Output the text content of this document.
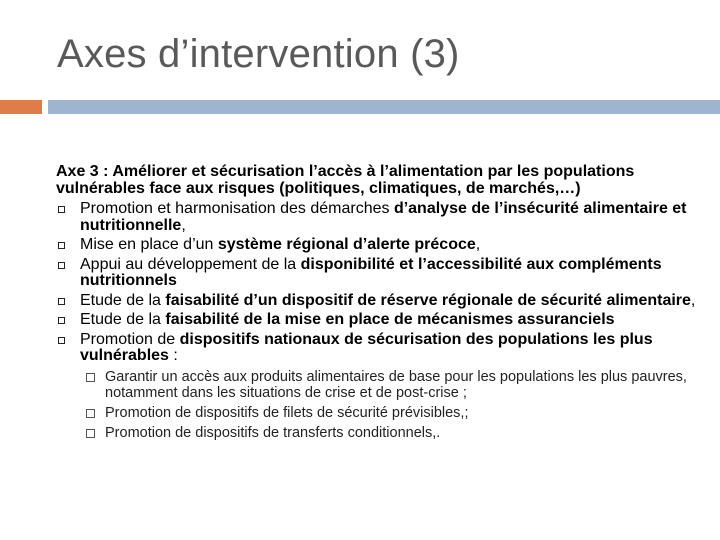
Axes d’intervention (3)

Axe 3 : Améliorer et sécurisation l’accès à l’alimentation par les populations vulnérables face aux risques (politiques, climatiques, de marchés,…)

Promotion et harmonisation des démarches d’analyse de l’insécurité alimentaire et nutritionnelle,

Mise en place d’un système régional d’alerte précoce,

Appui au développement de la disponibilité et l’accessibilité aux compléments nutritionnels

Etude de la faisabilité d’un dispositif de réserve régionale de sécurité alimentaire,

Etude de la faisabilité de la mise en place de mécanismes assuranciels

Promotion de dispositifs nationaux de sécurisation des populations les plus vulnérables :

Garantir un accès aux produits alimentaires de base pour les populations les plus pauvres, notamment dans les situations de crise et de post-crise ;

Promotion de dispositifs de filets de sécurité prévisibles,;

Promotion de dispositifs de transferts conditionnels,.
